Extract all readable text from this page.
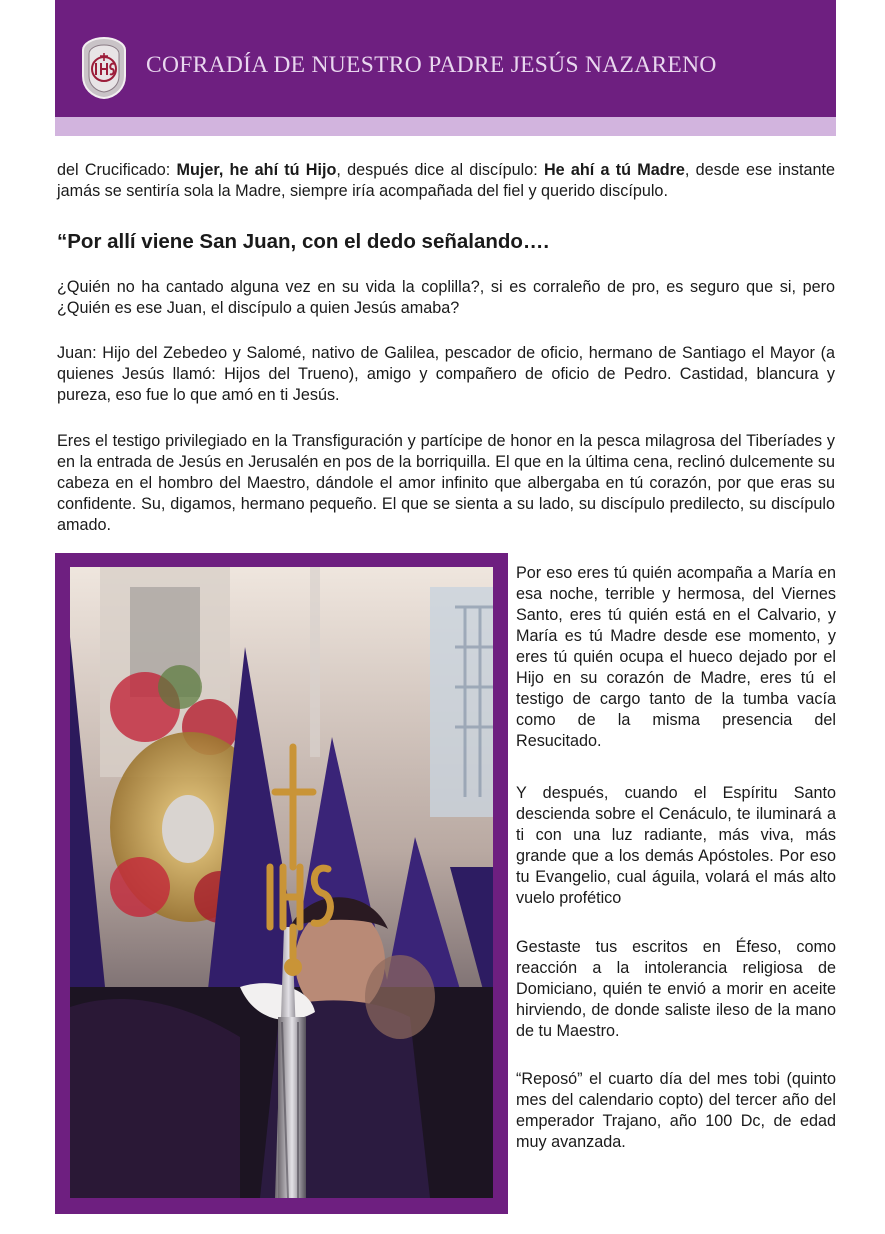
COFRADÍA DE NUESTRO PADRE JESÚS NAZARENO

del Crucificado: Mujer, he ahí tú Hijo, después dice al discípulo: He ahí a tú Madre, desde ese instante jamás se sentiría sola la Madre, siempre iría acompañada del fiel y querido discípulo.

“Por allí viene San Juan, con el dedo señalando….

¿Quién no ha cantado alguna vez en su vida la coplilla?, si es corraleño de pro, es seguro que si, pero ¿Quién es ese Juan, el discípulo a quien Jesús amaba?

Juan: Hijo del Zebedeo y Salomé, nativo de Galilea, pescador de oficio, hermano de Santiago el Mayor (a quienes Jesús llamó: Hijos del Trueno), amigo y compañero de oficio de Pedro. Castidad, blancura y pureza, eso fue lo que amó en ti Jesús.

Eres el testigo privilegiado en la Transfiguración y partícipe de honor en la pesca milagrosa del Tiberíades y en la entrada de Jesús en Jerusalén en pos de la borriquilla. El que en la última cena, reclinó dulcemente su cabeza en el hombro del Maestro, dándole el amor infinito que albergaba en tú corazón, por que eras su confidente. Su, digamos, hermano pequeño. El que se sienta a su lado, su discípulo predilecto, su discípulo amado.

Por eso eres tú quién acompaña a María en esa noche, terrible y hermosa, del Viernes Santo, eres tú quién está en el Calvario, y María es tú Madre desde ese momento, y eres tú quién ocupa el hueco dejado por el Hijo en su corazón de Madre, eres tú el testigo de cargo tanto de la tumba vacía como de la misma presencia del Resucitado.

Y después, cuando el Espíritu Santo descienda sobre el Cenáculo, te iluminará a ti con una luz radiante, más viva, más grande que a los demás Apóstoles. Por eso tu Evangelio, cual águila, volará el más alto vuelo profético

Gestaste tus escritos en Éfeso, como reacción a la intolerancia religiosa de Domiciano, quién te envió a morir en aceite hirviendo, de donde saliste ileso de la mano de tu Maestro.

“Reposó” el cuarto día del mes tobi (quinto mes del calendario copto) del tercer año del emperador Trajano, año 100 Dc, de edad muy avanzada.
